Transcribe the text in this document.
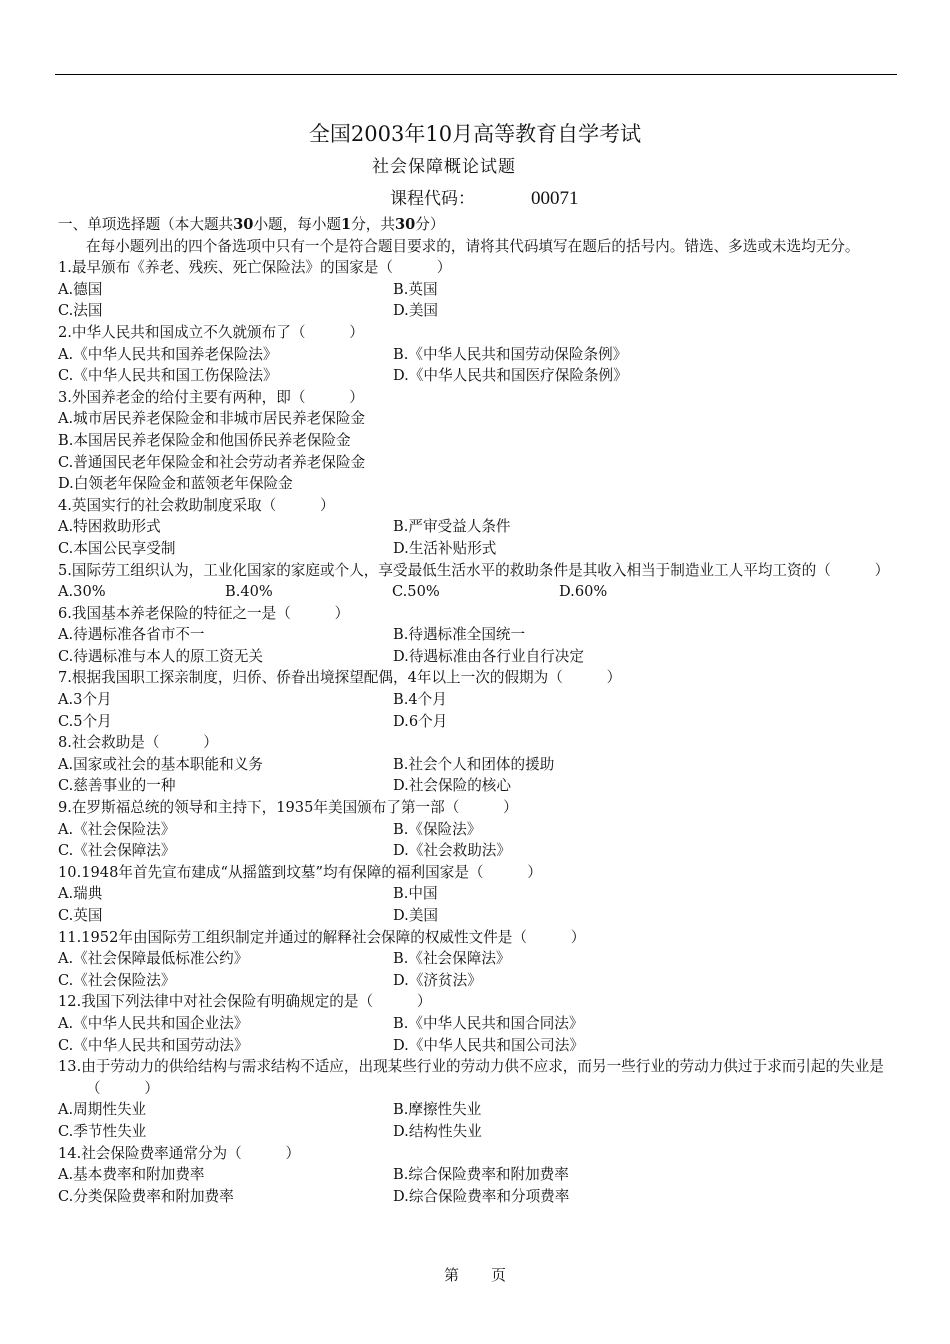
全国2003年10月高等教育自学考试
社会保障概论试题
课程代码：	00071
一、单项选择题（本大题共30小题，每小题1分，共30分）
在每小题列出的四个备选项中只有一个是符合题目要求的，请将其代码填写在题后的括号内。错选、多选或未选均无分。
1.最早颁布《养老、残疾、死亡保险法》的国家是（　　　）
A.德国	B.英国
C.法国	D.美国
2.中华人民共和国成立不久就颁布了（　　　）
A.《中华人民共和国养老保险法》	B.《中华人民共和国劳动保险条例》
C.《中华人民共和国工伤保险法》	D.《中华人民共和国医疗保险条例》
3.外国养老金的给付主要有两种，即（　　　）
A.城市居民养老保险金和非城市居民养老保险金
B.本国居民养老保险金和他国侨民养老保险金
C.普通国民老年保险金和社会劳动者养老保险金
D.白领老年保险金和蓝领老年保险金
4.英国实行的社会救助制度采取（　　　）
A.特困救助形式	B.严审受益人条件
C.本国公民享受制	D.生活补贴形式
5.国际劳工组织认为，工业化国家的家庭或个人，享受最低生活水平的救助条件是其收入相当于制造业工人平均工资的（　　　）
A.30%	B.40%	C.50%	D.60%
6.我国基本养老保险的特征之一是（　　　）
A.待遇标准各省市不一	B.待遇标准全国统一
C.待遇标准与本人的原工资无关	D.待遇标准由各行业自行决定
7.根据我国职工探亲制度，归侨、侨眷出境探望配偶，4年以上一次的假期为（　　　）
A.3个月	B.4个月
C.5个月	D.6个月
8.社会救助是（　　　）
A.国家或社会的基本职能和义务	B.社会个人和团体的援助
C.慈善事业的一种	D.社会保险的核心
9.在罗斯福总统的领导和主持下，1935年美国颁布了第一部（　　　）
A.《社会保险法》	B.《保险法》
C.《社会保障法》	D.《社会救助法》
10.1948年首先宣布建成“从摇篮到坟墓”均有保障的福利国家是（　　　）
A.瑞典	B.中国
C.英国	D.美国
11.1952年由国际劳工组织制定并通过的解释社会保障的权威性文件是（　　　）
A.《社会保障最低标准公约》	B.《社会保障法》
C.《社会保险法》	D.《济贫法》
12.我国下列法律中对社会保险有明确规定的是（　　　）
A.《中华人民共和国企业法》	B.《中华人民共和国合同法》
C.《中华人民共和国劳动法》	D.《中华人民共和国公司法》
13.由于劳动力的供给结构与需求结构不适应，出现某些行业的劳动力供不应求，而另一些行业的劳动力供过于求而引起的失业是（　　　）
A.周期性失业	B.摩擦性失业
C.季节性失业	D.结构性失业
14.社会保险费率通常分为（　　　）
A.基本费率和附加费率	B.综合保险费率和附加费率
C.分类保险费率和附加费率	D.综合保险费率和分项费率
第 页
